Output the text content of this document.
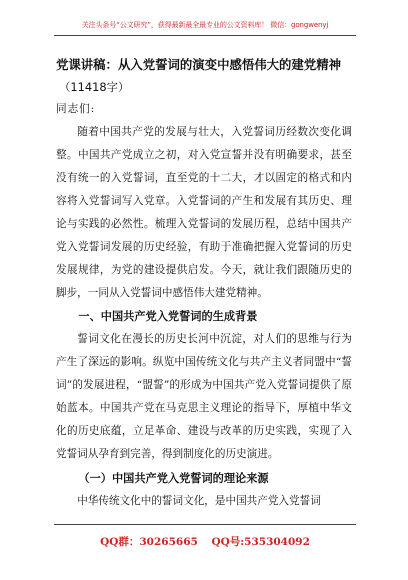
关注头条号“公文研究”，获得最新最全最专业的公文资料库！ 微信：gongwenyj
党课讲稿：从入党誓词的演变中感悟伟大的建党精神

（11418字）

同志们:

随着中国共产党的发展与壮大，入党誓词历经数次变化调整。中国共产党成立之初，对入党宣誓并没有明确要求，甚至没有统一的入党誓词，直至党的十二大，才以固定的格式和内容将入党誓词写入党章。入党誓词的产生和发展有其历史、理论与实践的必然性。梳理入党誓词的发展历程，总结中国共产党入党誓词发展的历史经验，有助于准确把握入党誓词的历史发展规律，为党的建设提供启发。今天，就让我们跟随历史的脚步，一同从入党誓词中感悟伟大建党精神。

一、中国共产党入党誓词的生成背景

誓词文化在漫长的历史长河中沉淀，对人们的思维与行为产生了深远的影响。纵览中国传统文化与共产主义者同盟中“誓词”的发展进程，“盟誓”的形成为中国共产党入党誓词提供了原始蓝本。中国共产党在马克思主义理论的指导下，厚植中华文化的历史底蕴，立足革命、建设与改革的历史实践，实现了入党誓词从孕育到完善，得到制度化的历史演进。

（一）中国共产党入党誓词的理论来源

中华传统文化中的誓词文化，是中国共产党入党誓词

QQ群：30265665 QQ号:535304092
